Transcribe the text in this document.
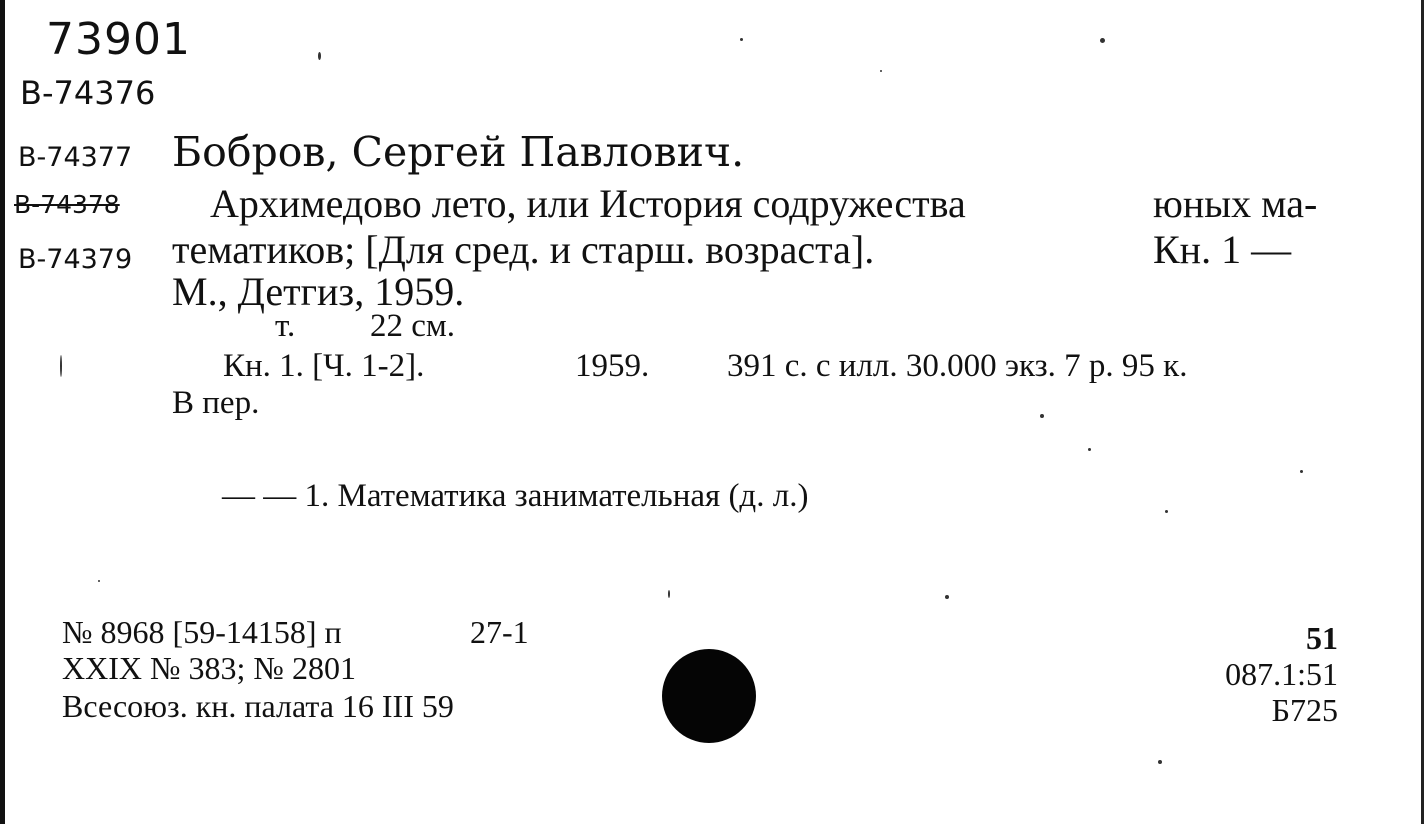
73901
В-74376
В-74377
В-74378
В-74379
Бобров, Сергей Павлович.
Архимедово лето, или История содружества	юных ма-
тематиков; [Для сред. и старш. возраста].	Кн. 1 —
М., Детгиз, 1959.
т. 22 см.
Кн. 1. [Ч. 1-2].	1959. 391 с. с илл. 30.000 экз. 7 р. 95 к.
В пер.
— — 1. Математика занимательная (д. л.)
№ 8968 [59-14158] п	27-1
XXIX № 383; № 2801
Всесоюз. кн. палата 16 III 59
51
087.1:51
Б725
